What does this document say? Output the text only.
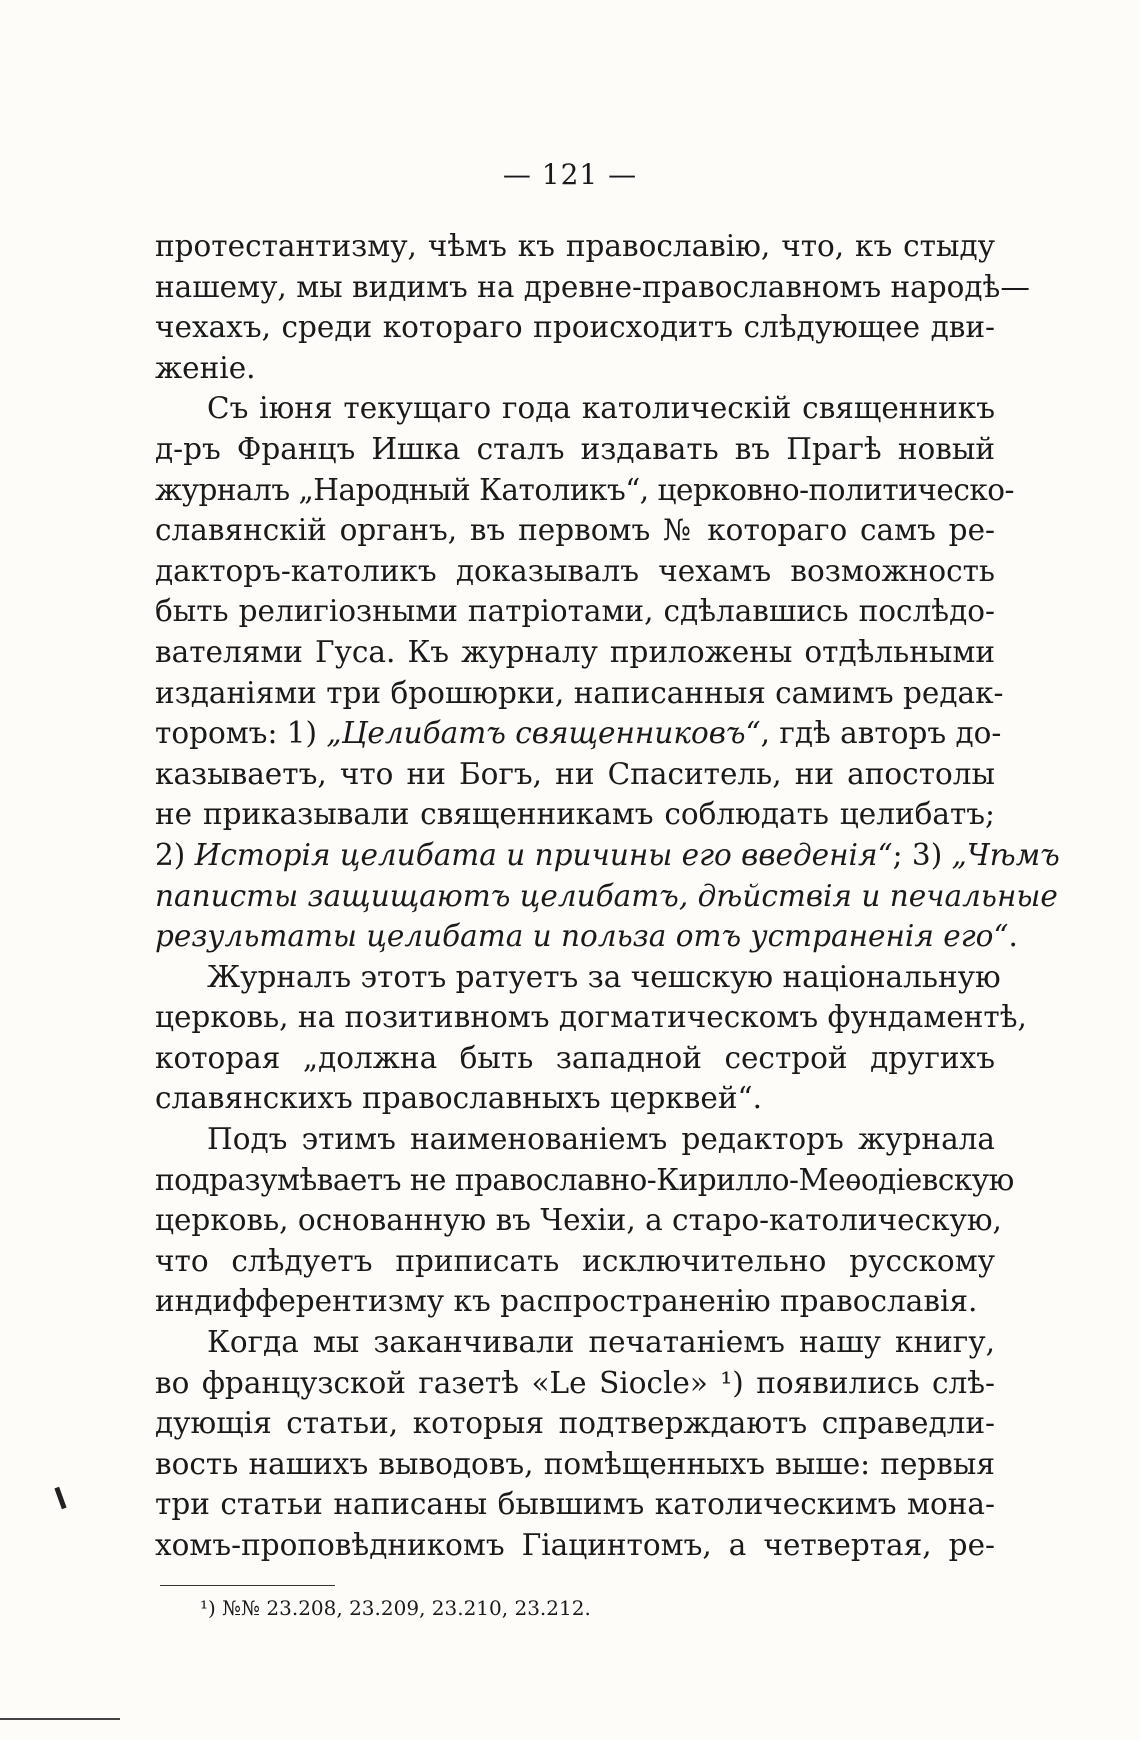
— 121 —
протестантизму, чѣмъ къ православію, что, къ стыду
нашему, мы видимъ на древне-православномъ народѣ—
чехахъ, среди котораго происходитъ слѣдующее дви-
женіе.
Съ іюня текущаго года католическій священникъ
д-ръ Францъ Ишка сталъ издавать въ Прагѣ новый
журналъ „Народный Католикъ“, церковно-политическо-
славянскій органъ, въ первомъ № котораго самъ ре-
дакторъ-католикъ доказывалъ чехамъ возможность
быть религіозными патріотами, сдѣлавшись послѣдо-
вателями Гуса. Къ журналу приложены отдѣльными
изданіями три брошюрки, написанныя самимъ редак-
торомъ: 1) „Целибатъ священниковъ“, гдѣ авторъ до-
казываетъ, что ни Богъ, ни Спаситель, ни апостолы
не приказывали священникамъ соблюдать целибатъ;
2) Исторія целибата и причины его введенія“; 3) „Чѣмъ
паписты защищаютъ целибатъ, дѣйствія и печальные
результаты целибата и польза отъ устраненія его“.
Журналъ этотъ ратуетъ за чешскую національную
церковь, на позитивномъ догматическомъ фундаментѣ,
которая „должна быть западной сестрой другихъ
славянскихъ православныхъ церквей“.
Подъ этимъ наименованіемъ редакторъ журнала
подразумѣваетъ не православно-Кирилло-Меѳодіевскую
церковь, основанную въ Чехіи, а старо-католическую,
что слѣдуетъ приписать исключительно русскому
индифферентизму къ распространенію православія.
Когда мы заканчивали печатаніемъ нашу книгу,
во французской газетѣ «Le Siocle» ¹) появились слѣ-
дующія статьи, которыя подтверждаютъ справедли-
вость нашихъ выводовъ, помѣщенныхъ выше: первыя
три статьи написаны бывшимъ католическимъ мона-
хомъ-проповѣдникомъ Гіацинтомъ, а четвертая, ре-
¹) №№ 23.208, 23.209, 23.210, 23.212.
